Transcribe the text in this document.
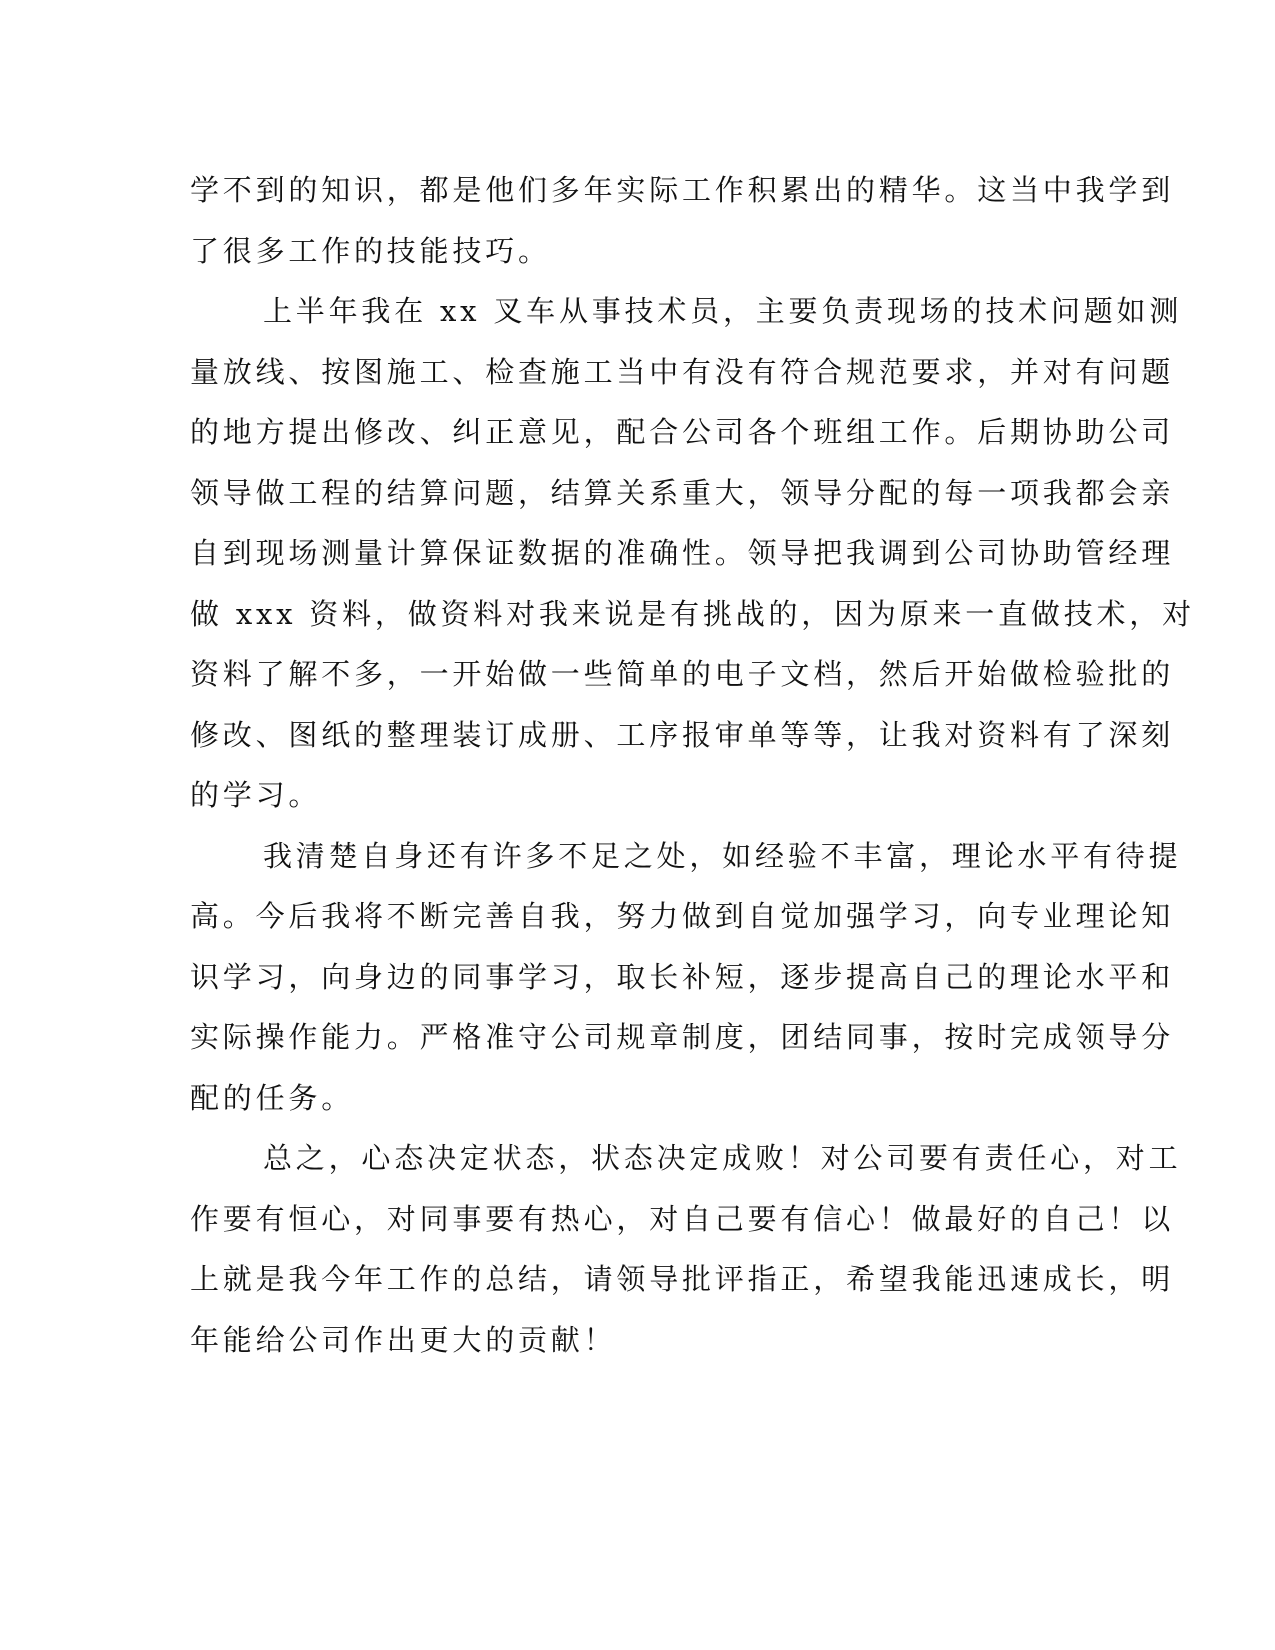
学不到的知识，都是他们多年实际工作积累出的精华。这当中我学到
了很多工作的技能技巧。
上半年我在 xx 叉车从事技术员，主要负责现场的技术问题如测
量放线、按图施工、检查施工当中有没有符合规范要求，并对有问题
的地方提出修改、纠正意见，配合公司各个班组工作。后期协助公司
领导做工程的结算问题，结算关系重大，领导分配的每一项我都会亲
自到现场测量计算保证数据的准确性。领导把我调到公司协助管经理
做 xxx 资料，做资料对我来说是有挑战的，因为原来一直做技术，对
资料了解不多，一开始做一些简单的电子文档，然后开始做检验批的
修改、图纸的整理装订成册、工序报审单等等，让我对资料有了深刻
的学习。
我清楚自身还有许多不足之处，如经验不丰富，理论水平有待提
高。今后我将不断完善自我，努力做到自觉加强学习，向专业理论知
识学习，向身边的同事学习，取长补短，逐步提高自己的理论水平和
实际操作能力。严格准守公司规章制度，团结同事，按时完成领导分
配的任务。
总之，心态决定状态，状态决定成败！对公司要有责任心，对工
作要有恒心，对同事要有热心，对自己要有信心！做最好的自己！以
上就是我今年工作的总结，请领导批评指正，希望我能迅速成长，明
年能给公司作出更大的贡献！
